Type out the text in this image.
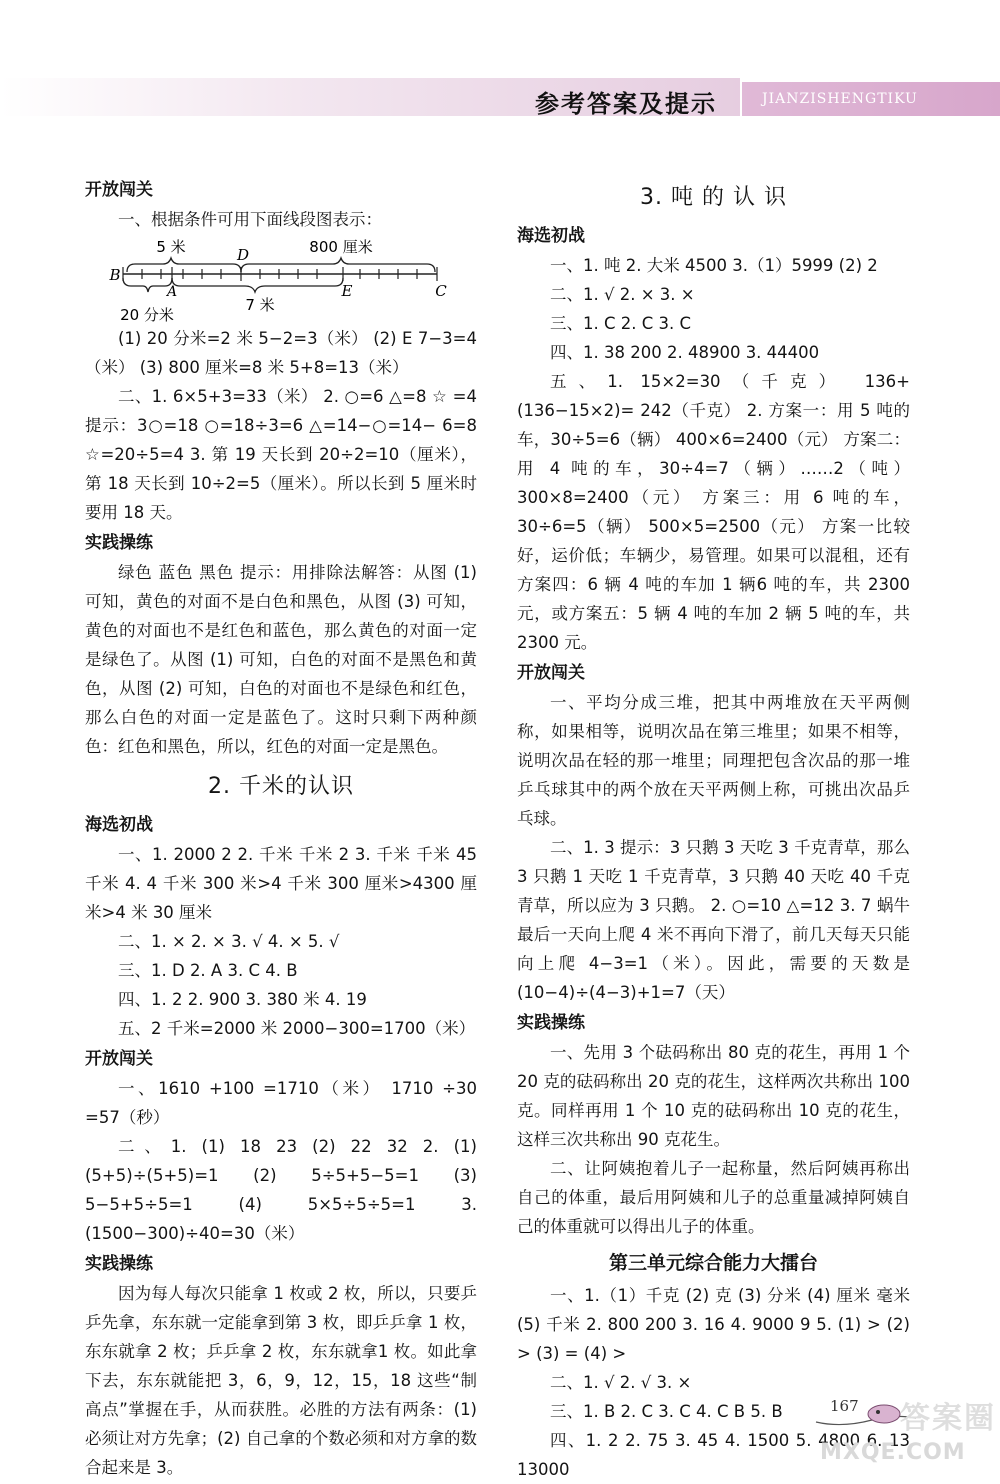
参考答案及提示	JIANZISHENGTIKU

开放闯关

一、根据条件可用下面线段图表示：

5 米	D	800 厘米
B
A	E	C
7 米
20 分米

(1) 20 分米=2 米 5−2=3（米） (2) E 7−3=4（米） (3) 800 厘米=8 米 5+8=13（米）

二、1. 6×5+3=33（米） 2. ○=6 △=8 ☆ =4 提示：3○=18 ○=18÷3=6 △=14−○=14− 6=8 ☆=20÷5=4 3. 第 19 天长到 20÷2=10（厘米），第 18 天长到 10÷2=5（厘米）。所以长到 5 厘米时要用 18 天。

实践操练

绿色 蓝色 黑色 提示：用排除法解答：从图 (1) 可知，黄色的对面不是白色和黑色，从图 (3) 可知，黄色的对面也不是红色和蓝色，那么黄色的对面一定是绿色了。从图 (1) 可知，白色的对面不是黑色和黄色，从图 (2) 可知，白色的对面也不是绿色和红色，那么白色的对面一定是蓝色了。这时只剩下两种颜色：红色和黑色，所以，红色的对面一定是黑色。

2. 千米的认识

海选初战

一、1. 2000 2 2. 千米 千米 2 3. 千米 千米 45 千米 4. 4 千米 300 米>4 千米 300 厘米>4300 厘米>4 米 30 厘米

二、1. × 2. × 3. √ 4. × 5. √

三、1. D 2. A 3. C 4. B

四、1. 2 2. 900 3. 380 米 4. 19

五、2 千米=2000 米 2000−300=1700（米）

开放闯关

一、1610 +100 =1710（米） 1710 ÷30 =57（秒）

二、1. (1) 18 23 (2) 22 32 2. (1)(5+5)÷(5+5)=1 (2) 5÷5+5−5=1 (3) 5−5+5÷5=1 (4) 5×5÷5÷5=1 3. (1500−300)÷40=30（米）

实践操练

因为每人每次只能拿 1 枚或 2 枚，所以，只要乒乒先拿，东东就一定能拿到第 3 枚，即乒乒拿 1 枚，东东就拿 2 枚；乒乒拿 2 枚，东东就拿1 枚。如此拿下去，东东就能把 3，6，9，12，15，18 这些“制高点”掌握在手，从而获胜。必胜的方法有两条：(1) 必须让对方先拿；(2) 自己拿的个数必须和对方拿的数合起来是 3。

3. 吨 的 认 识

海选初战

一、1. 吨 2. 大米 4500 3.（1）5999 (2) 2

二、1. √ 2. × 3. ×

三、1. C 2. C 3. C

四、1. 38 200 2. 48900 3. 44400

五、1. 15×2=30（千克） 136+(136−15×2)= 242（千克） 2. 方案一：用 5 吨的车，30÷5=6（辆） 400×6=2400（元） 方案二：用 4 吨的车，30÷4=7（辆）……2（吨） 300×8=2400（元） 方案三：用 6 吨的车，30÷6=5（辆） 500×5=2500（元） 方案一比较好，运价低；车辆少，易管理。如果可以混租，还有方案四：6 辆 4 吨的车加 1 辆6 吨的车，共 2300 元，或方案五：5 辆 4 吨的车加 2 辆 5 吨的车，共 2300 元。

开放闯关

一、平均分成三堆，把其中两堆放在天平两侧称，如果相等，说明次品在第三堆里；如果不相等，说明次品在轻的那一堆里；同理把包含次品的那一堆乒乓球其中的两个放在天平两侧上称，可挑出次品乒乓球。

二、1. 3 提示：3 只鹅 3 天吃 3 千克青草，那么 3 只鹅 1 天吃 1 千克青草，3 只鹅 40 天吃 40 千克青草，所以应为 3 只鹅。 2. ○=10 △=12 3. 7 蜗牛最后一天向上爬 4 米不再向下滑了，前几天每天只能向上爬 4−3=1（米）。因此，需要的天数是(10−4)÷(4−3)+1=7（天）

实践操练

一、先用 3 个砝码称出 80 克的花生，再用 1 个 20 克的砝码称出 20 克的花生，这样两次共称出 100 克。同样再用 1 个 10 克的砝码称出 10 克的花生，这样三次共称出 90 克花生。

二、让阿姨抱着儿子一起称量，然后阿姨再称出自己的体重，最后用阿姨和儿子的总重量减掉阿姨自己的体重就可以得出儿子的体重。

第三单元综合能力大擂台

一、1.（1）千克 (2) 克 (3) 分米 (4) 厘米 毫米 (5) 千米 2. 800 200 3. 16 4. 9000 9 5. (1) > (2) > (3) = (4) >

二、1. √ 2. √ 3. ×

三、1. B 2. C 3. C 4. C B 5. B

四、1. 2 2. 75 3. 45 4. 1500 5. 4800 6. 13 13000

167 答案圈
MXQE.COM
